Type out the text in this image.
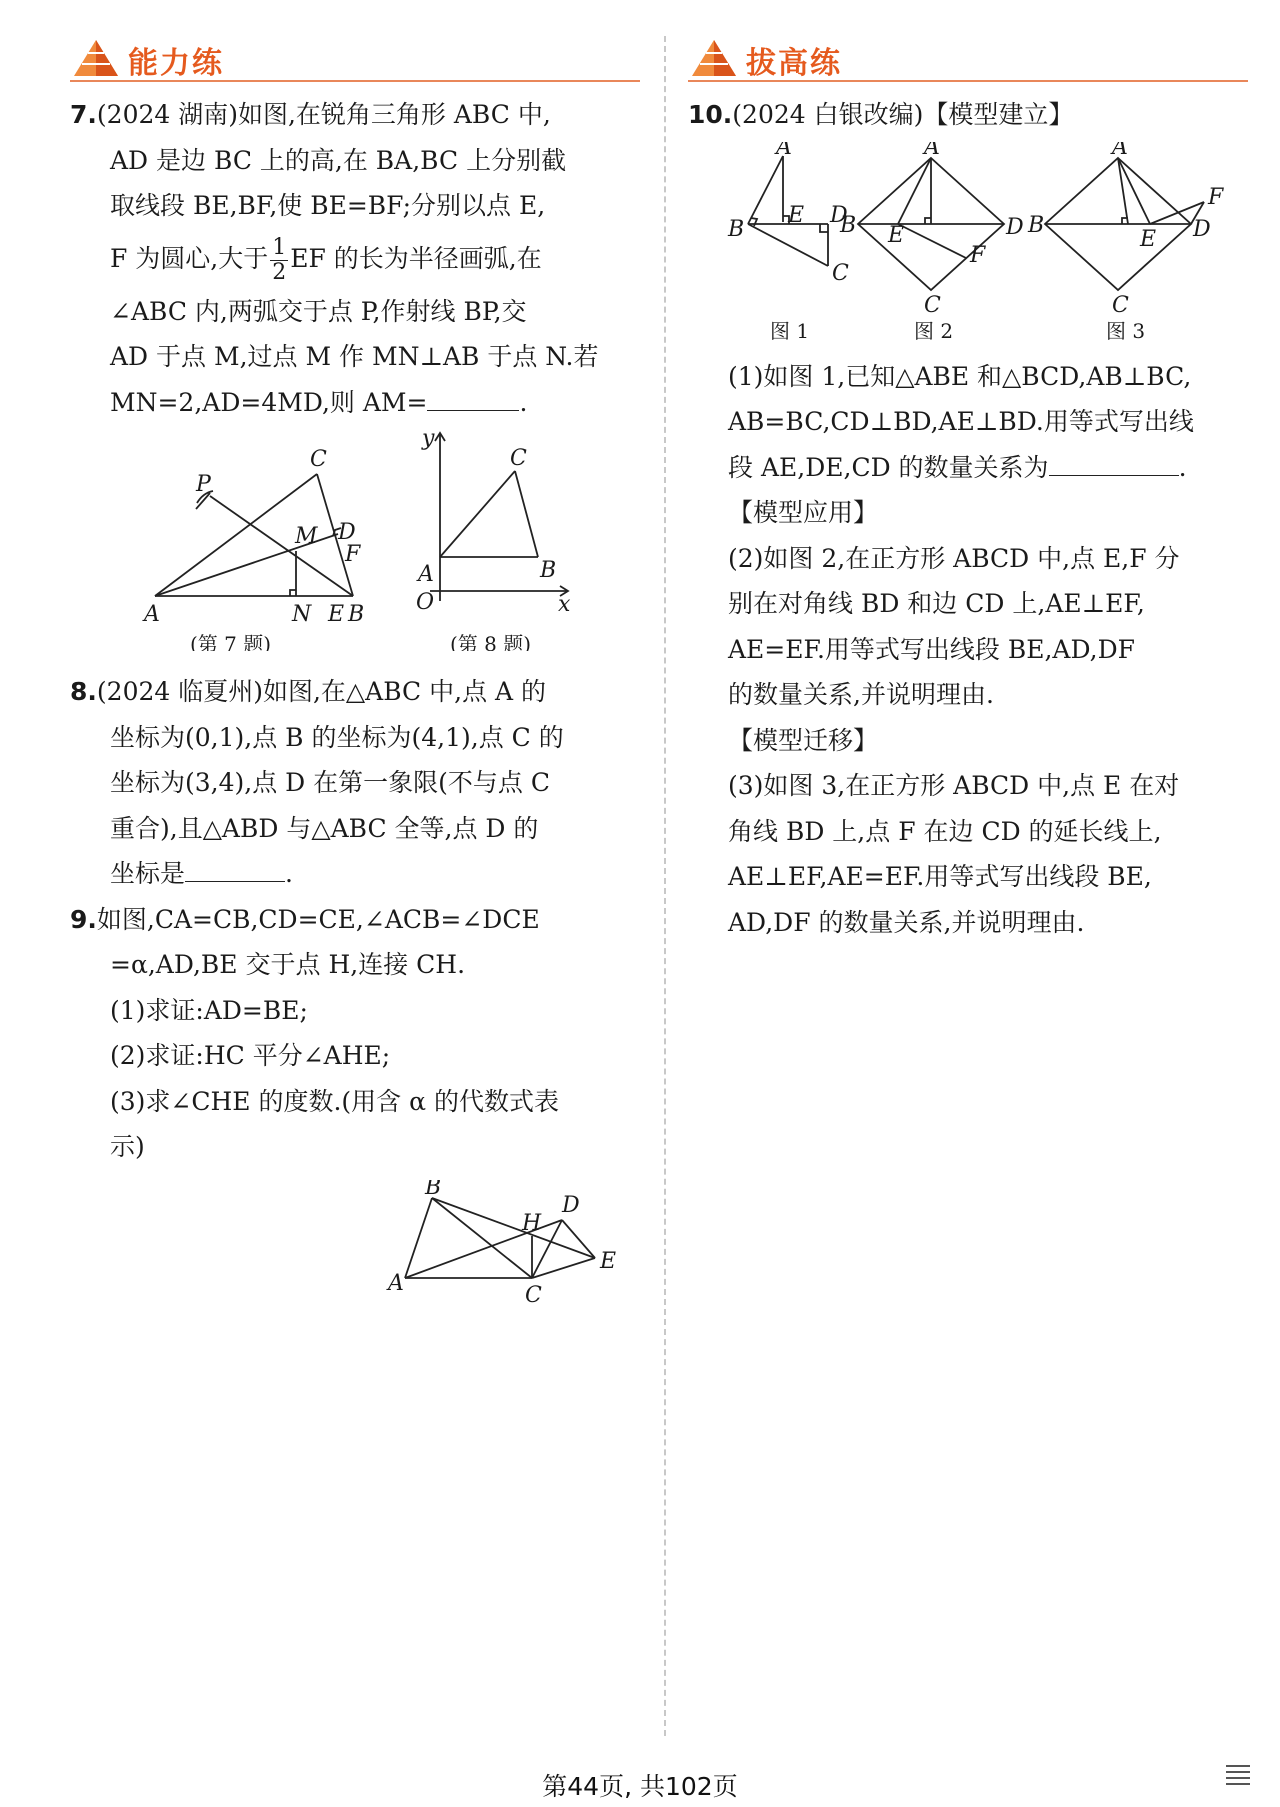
能力练

7.(2024 湖南)如图,在锐角三角形 ABC 中,

AD 是边 BC 上的高,在 BA,BC 上分别截

取线段 BE,BF,使 BE=BF;分别以点 E,

F 为圆心,大于 $\frac{1}{2}$ EF 的长为半径画弧,在

∠ABC 内,两弧交于点 P,作射线 BP,交

AD 于点 M,过点 M 作 MN⊥AB 于点 N.若

MN=2,AD=4MD,则 AM=	.

A	B
C
D
E
F
M
N
P
(第 7 题)
A	B
C
O	x
y
(第 8 题)

8.(2024 临夏州)如图,在△ABC 中,点 A 的

坐标为(0,1),点 B 的坐标为(4,1),点 C 的

坐标为(3,4),点 D 在第一象限(不与点 C

重合),且△ABD 与△ABC 全等,点 D 的

坐标是	.

9.如图,CA=CB,CD=CE,∠ACB=∠DCE

=α,AD,BE 交于点 H,连接 CH.

(1)求证:AD=BE;

(2)求证:HC 平分∠AHE;

(3)求∠CHE 的度数.(用含 α 的代数式表

示)

A
B
C
D
E
H
拔高练

10.(2024 白银改编)【模型建立】

A
B
C
D
E
图 1
A
B
C
D
E
F
图 2
A
B
C
D
E
F
图 3

(1)如图 1,已知△ABE 和△BCD,AB⊥BC,

AB=BC,CD⊥BD,AE⊥BD.用等式写出线

段 AE,DE,CD 的数量关系为	.

【模型应用】

(2)如图 2,在正方形 ABCD 中,点 E,F 分

别在对角线 BD 和边 CD 上,AE⊥EF,

AE=EF.用等式写出线段 BE,AD,DF

的数量关系,并说明理由.

【模型迁移】

(3)如图 3,在正方形 ABCD 中,点 E 在对

角线 BD 上,点 F 在边 CD 的延长线上,

AE⊥EF,AE=EF.用等式写出线段 BE,

AD,DF 的数量关系,并说明理由.

第44页, 共102页
